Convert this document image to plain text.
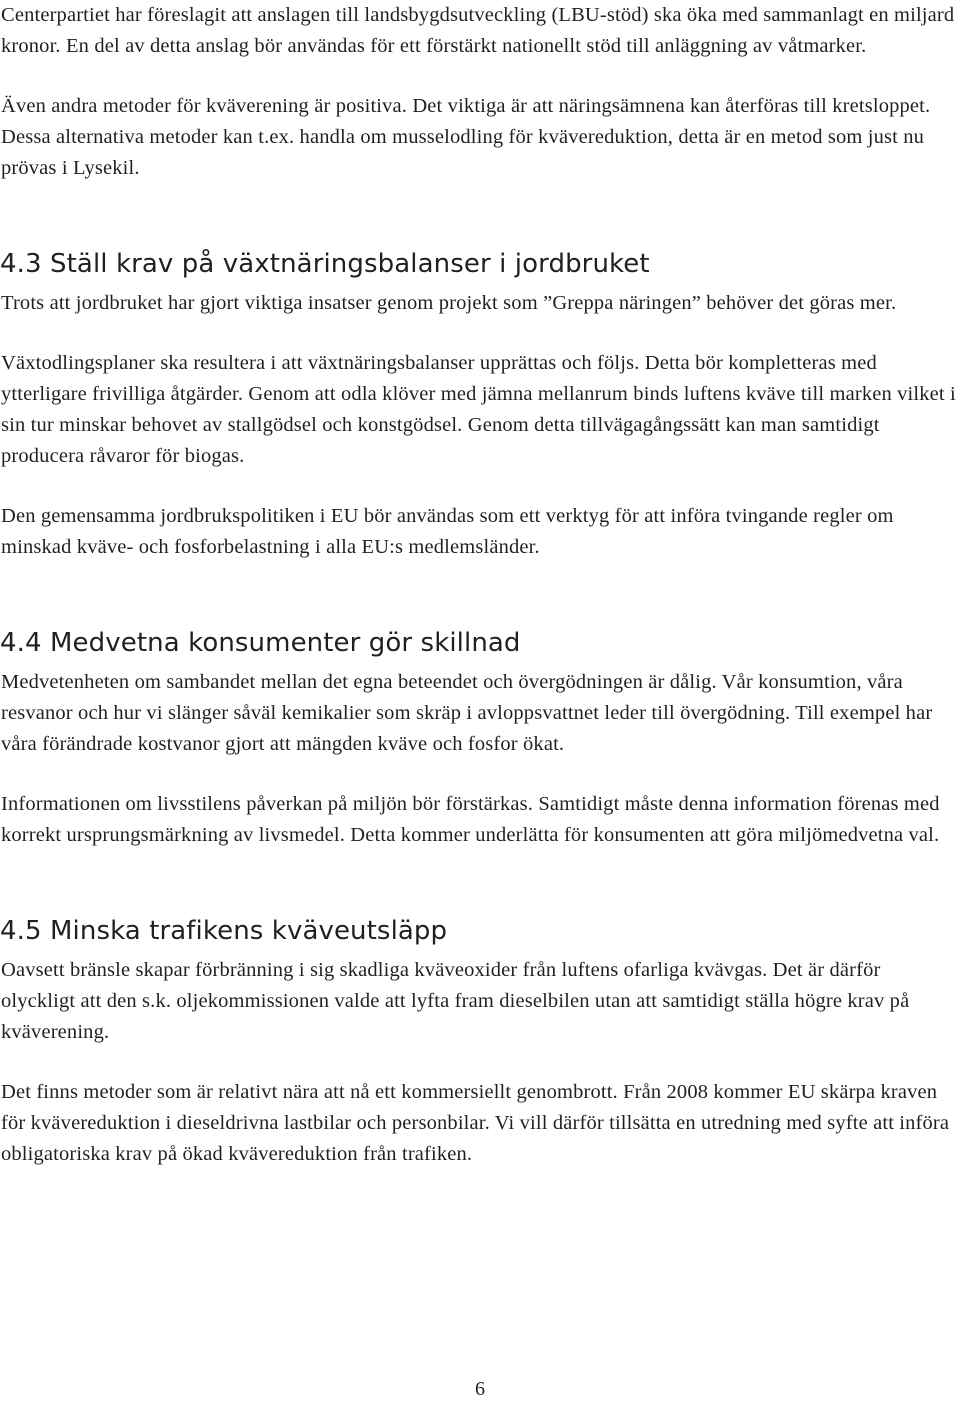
Centerpartiet har föreslagit att anslagen till landsbygdsutveckling (LBU-stöd) ska öka med sammanlagt en miljard kronor. En del av detta anslag bör användas för ett förstärkt nationellt stöd till anläggning av våtmarker.

Även andra metoder för kväverening är positiva. Det viktiga är att näringsämnena kan återföras till kretsloppet. Dessa alternativa metoder kan t.ex. handla om musselodling för kvävereduktion, detta är en metod som just nu prövas i Lysekil.

4.3 Ställ krav på växtnäringsbalanser i jordbruket

Trots att jordbruket har gjort viktiga insatser genom projekt som ”Greppa näringen” behöver det göras mer.

Växtodlingsplaner ska resultera i att växtnäringsbalanser upprättas och följs. Detta bör kompletteras med ytterligare frivilliga åtgärder. Genom att odla klöver med jämna mellanrum binds luftens kväve till marken vilket i sin tur minskar behovet av stallgödsel och konstgödsel. Genom detta tillvägagångssätt kan man samtidigt producera råvaror för biogas.

Den gemensamma jordbrukspolitiken i EU bör användas som ett verktyg för att införa tvingande regler om minskad kväve- och fosforbelastning i alla EU:s medlemsländer.

4.4 Medvetna konsumenter gör skillnad

Medvetenheten om sambandet mellan det egna beteendet och övergödningen är dålig. Vår konsumtion, våra resvanor och hur vi slänger såväl kemikalier som skräp i avloppsvattnet leder till övergödning. Till exempel har våra förändrade kostvanor gjort att mängden kväve och fosfor ökat.

Informationen om livsstilens påverkan på miljön bör förstärkas. Samtidigt måste denna information förenas med korrekt ursprungsmärkning av livsmedel. Detta kommer underlätta för konsumenten att göra miljömedvetna val.

4.5 Minska trafikens kväveutsläpp

Oavsett bränsle skapar förbränning i sig skadliga kväveoxider från luftens ofarliga kvävgas. Det är därför olyckligt att den s.k. oljekommissionen valde att lyfta fram dieselbilen utan att samtidigt ställa högre krav på kväverening.

Det finns metoder som är relativt nära att nå ett kommersiellt genombrott. Från 2008 kommer EU skärpa kraven för kvävereduktion i dieseldrivna lastbilar och personbilar. Vi vill därför tillsätta en utredning med syfte att införa obligatoriska krav på ökad kvävereduktion från trafiken.

6
